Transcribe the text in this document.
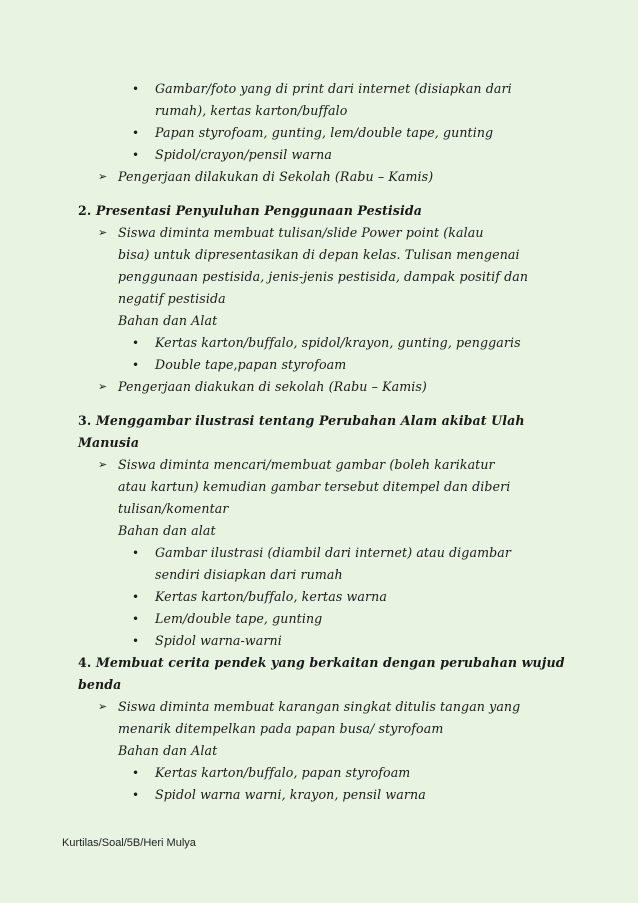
• Gambar/foto yang di print dari internet (disiapkan dari
rumah), kertas karton/buffalo
• Papan styrofoam, gunting, lem/double tape, gunting
• Spidol/crayon/pensil warna
➢ Pengerjaan dilakukan di Sekolah (Rabu – Kamis)
2. Presentasi Penyuluhan Penggunaan Pestisida
➢ Siswa diminta membuat tulisan/slide Power point (kalau
bisa) untuk dipresentasikan di depan kelas. Tulisan mengenai
penggunaan pestisida, jenis-jenis pestisida, dampak positif dan
negatif pestisida
Bahan dan Alat
• Kertas karton/buffalo, spidol/krayon, gunting, penggaris
• Double tape,papan styrofoam
➢ Pengerjaan diakukan di sekolah (Rabu – Kamis)
3. Menggambar ilustrasi tentang Perubahan Alam akibat Ulah
Manusia
➢ Siswa diminta mencari/membuat gambar (boleh karikatur
atau kartun) kemudian gambar tersebut ditempel dan diberi
tulisan/komentar
Bahan dan alat
• Gambar ilustrasi (diambil dari internet) atau digambar
sendiri disiapkan dari rumah
• Kertas karton/buffalo, kertas warna
• Lem/double tape, gunting
• Spidol warna-warni
4. Membuat cerita pendek yang berkaitan dengan perubahan wujud
benda
➢ Siswa diminta membuat karangan singkat ditulis tangan yang
menarik ditempelkan pada papan busa/ styrofoam
Bahan dan Alat
• Kertas karton/buffalo, papan styrofoam
• Spidol warna warni, krayon, pensil warna
Kurtilas/Soal/5B/Heri Mulya
